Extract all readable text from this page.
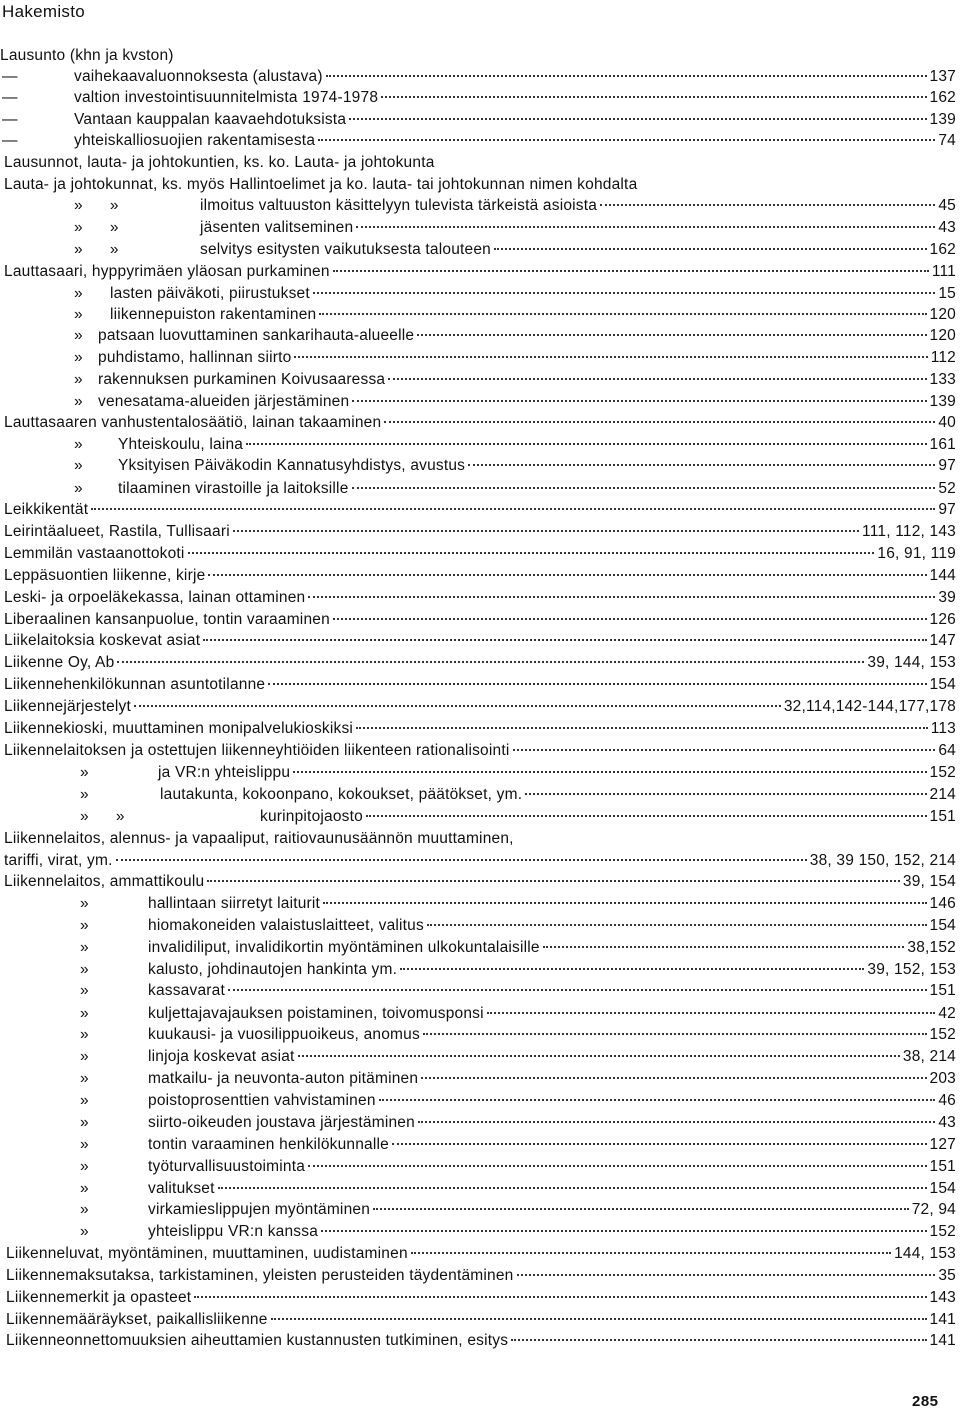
Hakemisto
Lausunto (khn ja kvston)
—	vaihekaavaluonnoksesta (alustava)	137
—	valtion investointisuunnitelmista 1974-1978	162
—	Vantaan kauppalan kaavaehdotuksista	139
—	yhteiskalliosuojien rakentamisesta	74
Lausunnot, lauta- ja johtokuntien, ks. ko. Lauta- ja johtokunta
Lauta- ja johtokunnat, ks. myös Hallintoelimet ja ko. lauta- tai johtokunnan nimen kohdalta
»      »	ilmoitus valtuuston käsittelyyn tulevista tärkeistä asioista	45
»      »	jäsenten valitseminen	43
»      »	selvitys esitysten vaikutuksesta talouteen	162
Lauttasaari, hyppyrimäen yläosan purkaminen	111
»	lasten päiväkoti, piirustukset	15
»	liikennepuiston rakentaminen	120
» patsaan luovuttaminen sankarihauta-alueelle	120
» puhdistamo, hallinnan siirto	112
» rakennuksen purkaminen Koivusaaressa	133
» venesatama-alueiden järjestäminen	139
Lauttasaaren vanhustentalosäätiö, lainan takaaminen	40
»	Yhteiskoulu, laina	161
»	Yksityisen Päiväkodin Kannatusyhdistys, avustus	97
»	tilaaminen virastoille ja laitoksille	52
Leikkikentät	97
Leirintäalueet, Rastila, Tullisaari	111, 112, 143
Lemmilän vastaanottokoti	16, 91, 119
Leppäsuontien liikenne, kirje	144
Leski- ja orpoeläkekassa, lainan ottaminen	39
Liberaalinen kansanpuolue, tontin varaaminen	126
Liikelaitoksia koskevat asiat	147
Liikenne Oy, Ab	39, 144, 153
Liikennehenkilökunnan asuntotilanne	154
Liikennejärjestelyt	32,114,142-144,177,178
Liikennekioski, muuttaminen monipalvelukioskiksi	113
Liikennelaitoksen ja ostettujen liikenneyhtiöiden liikenteen rationalisointi	64
»	ja VR:n yhteislippu	152
»	lautakunta, kokoonpano, kokoukset, päätökset, ym.	214
»      »	kurinpitojaosto	151
Liikennelaitos, alennus- ja vapaaliput, raitiovaunusäännön muuttaminen,
tariffi, virat, ym.	38, 39 150, 152, 214
Liikennelaitos, ammattikoulu	39, 154
»	hallintaan siirretyt laiturit	146
»	hiomakoneiden valaistuslaitteet, valitus	154
»	invalidiliput, invalidikortin myöntäminen ulkokuntalaisille	38,152
»	kalusto, johdinautojen hankinta ym.	39, 152, 153
»	kassavarat	151
»	kuljettajavajauksen poistaminen, toivomusponsi	42
»	kuukausi- ja vuosilippuoikeus, anomus	152
»	linjoja koskevat asiat	38, 214
»	matkailu- ja neuvonta-auton pitäminen	203
»	poistoprosenttien vahvistaminen	46
»	siirto-oikeuden joustava järjestäminen	43
»	tontin varaaminen henkilökunnalle	127
»	työturvallisuustoiminta	151
»	valitukset	154
»	virkamieslippujen myöntäminen	72, 94
»	yhteislippu VR:n kanssa	152
Liikenneluvat, myöntäminen, muuttaminen, uudistaminen	144, 153
Liikennemaksutaksa, tarkistaminen, yleisten perusteiden täydentäminen	35
Liikennemerkit ja opasteet	143
Liikennemääräykset, paikallisliikenne	141
Liikenneonnettomuuksien aiheuttamien kustannusten tutkiminen, esitys	141
285
